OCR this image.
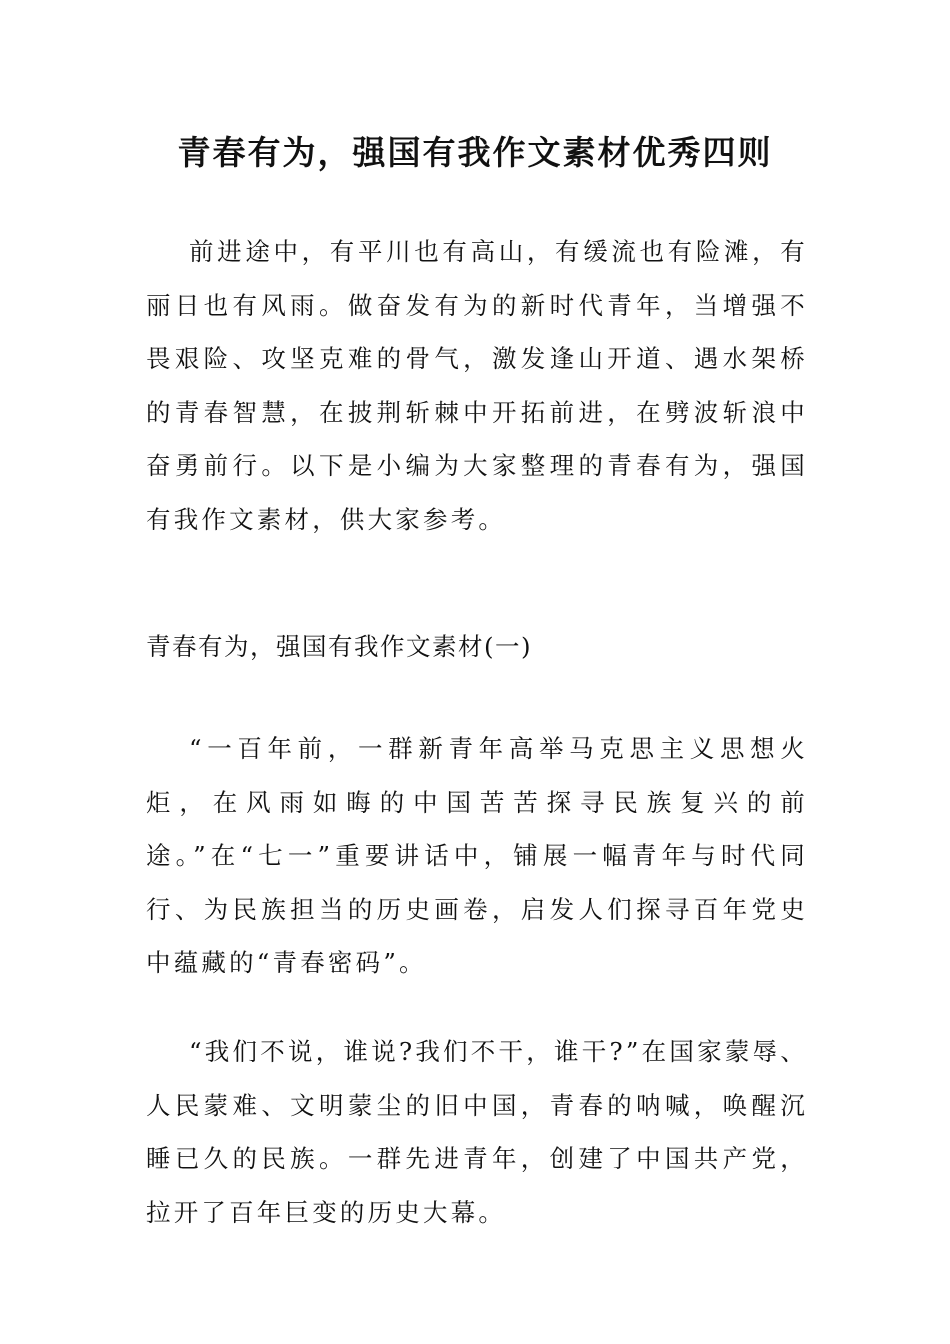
青春有为，强国有我作文素材优秀四则

前进途中，有平川也有高山，有缓流也有险滩，有丽日也有风雨。做奋发有为的新时代青年，当增强不畏艰险、攻坚克难的骨气，激发逢山开道、遇水架桥的青春智慧，在披荆斩棘中开拓前进，在劈波斩浪中奋勇前行。以下是小编为大家整理的青春有为，强国有我作文素材，供大家参考。

青春有为，强国有我作文素材(一)

“一百年前，一群新青年高举马克思主义思想火炬，在风雨如晦的中国苦苦探寻民族复兴的前途。”在“七一”重要讲话中，铺展一幅青年与时代同行、为民族担当的历史画卷，启发人们探寻百年党史中蕴藏的“青春密码”。

“我们不说，谁说?我们不干，谁干?”在国家蒙辱、人民蒙难、文明蒙尘的旧中国，青春的呐喊，唤醒沉睡已久的民族。一群先进青年，创建了中国共产党，拉开了百年巨变的历史大幕。
